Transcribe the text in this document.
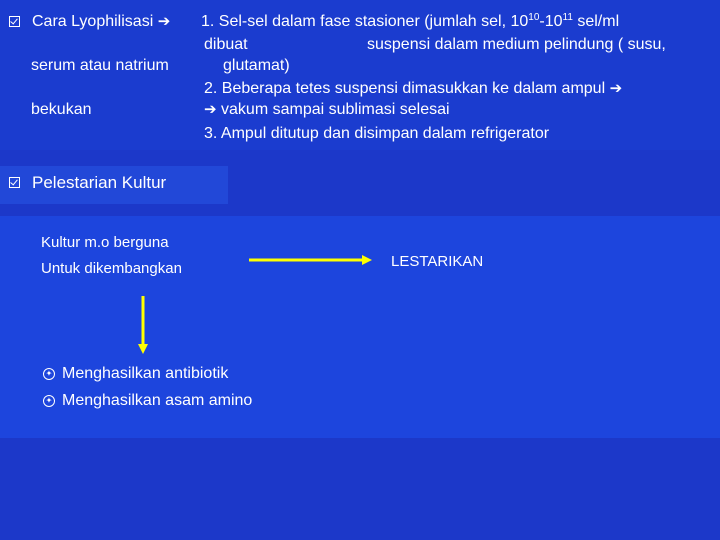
Cara Lyophilisasi ➔ 1. Sel-sel dalam fase stasioner (jumlah sel, $10^{10}-10^{11}$ sel/ml
dibuat	suspensi dalam medium pelindung ( susu,
serum atau natrium	glutamat)
2. Beberapa tetes suspensi dimasukkan ke dalam ampul ➔
bekukan	➔ vakum sampai sublimasi selesai
3. Ampul ditutup dan disimpan dalam refrigerator
Pelestarian Kultur
Kultur m.o berguna
Untuk dikembangkan	LESTARIKAN
✦ Menghasilkan antibiotik
✦ Menghasilkan asam amino
